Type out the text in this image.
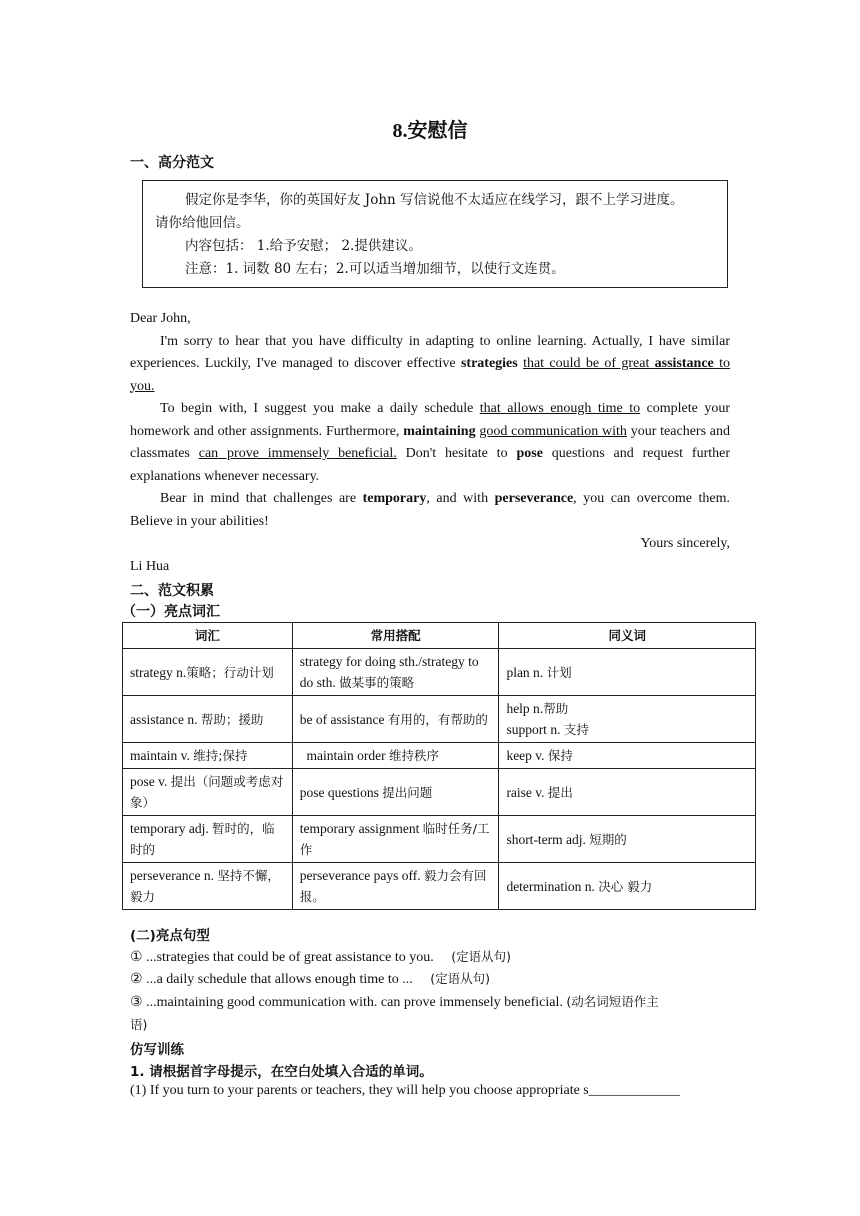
8.安慰信
一、高分范文
假定你是李华，你的英国好友 John 写信说他不太适应在线学习，跟不上学习进度。
请你给他回信。
内容包括： 1.给予安慰； 2.提供建议。
注意：1. 词数 80 左右；2.可以适当增加细节，以使行文连贯。

Dear John,

I'm sorry to hear that you have difficulty in adapting to online learning. Actually, I have similar experiences. Luckily, I've managed to discover effective strategies that could be of great assistance to you.

To begin with, I suggest you make a daily schedule that allows enough time to complete your homework and other assignments. Furthermore, maintaining good communication with your teachers and classmates can prove immensely beneficial. Don't hesitate to pose questions and request further explanations whenever necessary.

Bear in mind that challenges are temporary, and with perseverance, you can overcome them. Believe in your abilities!

Yours sincerely,

Li Hua

二、范文积累
（一）亮点词汇
词汇	常用搭配	同义词
strategy n.策略；行动计划	strategy for doing sth./strategy to do sth. 做某事的策略	plan n. 计划
assistance n. 帮助；援助	be of assistance 有用的，有帮助的	help n.帮助
support n. 支持
maintain v. 维持;保持	maintain order 维持秩序	keep v. 保持
pose v. 提出（问题或考虑对象）	pose questions 提出问题	raise v. 提出
temporary adj. 暂时的，临时的	temporary assignment 临时任务/工作	short-term adj. 短期的
perseverance n. 坚持不懈，毅力	perseverance pays off. 毅力会有回报。	determination n. 决心 毅力
(二)亮点句型
① ...strategies that could be of great assistance to you. (定语从句)
② ...a daily schedule that allows enough time to ... (定语从句)
③ ...maintaining good communication with. can prove immensely beneficial. (动名词短语作主
语)
仿写训练
1. 请根据首字母提示，在空白处填入合适的单词。
(1) If you turn to your parents or teachers, they will help you choose appropriate s_____________
